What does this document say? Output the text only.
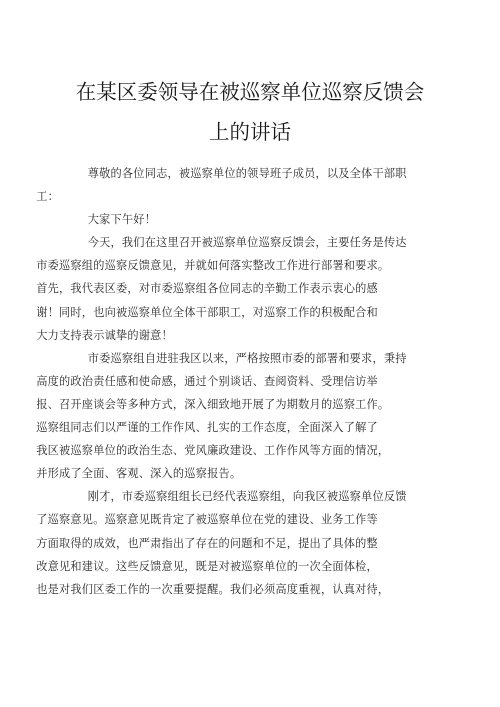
在某区委领导在被巡察单位巡察反馈会
上的讲话

尊敬的各位同志，被巡察单位的领导班子成员，以及全体干部职
工：

大家下午好！

今天，我们在这里召开被巡察单位巡察反馈会，主要任务是传达
市委巡察组的巡察反馈意见，并就如何落实整改工作进行部署和要求。
首先，我代表区委，对市委巡察组各位同志的辛勤工作表示衷心的感
谢！同时，也向被巡察单位全体干部职工，对巡察工作的积极配合和
大力支持表示诚挚的谢意！

市委巡察组自进驻我区以来，严格按照市委的部署和要求，秉持
高度的政治责任感和使命感，通过个别谈话、查阅资料、受理信访举
报、召开座谈会等多种方式，深入细致地开展了为期数月的巡察工作。
巡察组同志们以严谨的工作作风、扎实的工作态度，全面深入了解了
我区被巡察单位的政治生态、党风廉政建设、工作作风等方面的情况，
并形成了全面、客观、深入的巡察报告。

刚才，市委巡察组组长已经代表巡察组，向我区被巡察单位反馈
了巡察意见。巡察意见既肯定了被巡察单位在党的建设、业务工作等
方面取得的成效，也严肃指出了存在的问题和不足，提出了具体的整
改意见和建议。这些反馈意见，既是对被巡察单位的一次全面体检，
也是对我们区委工作的一次重要提醒。我们必须高度重视，认真对待，
